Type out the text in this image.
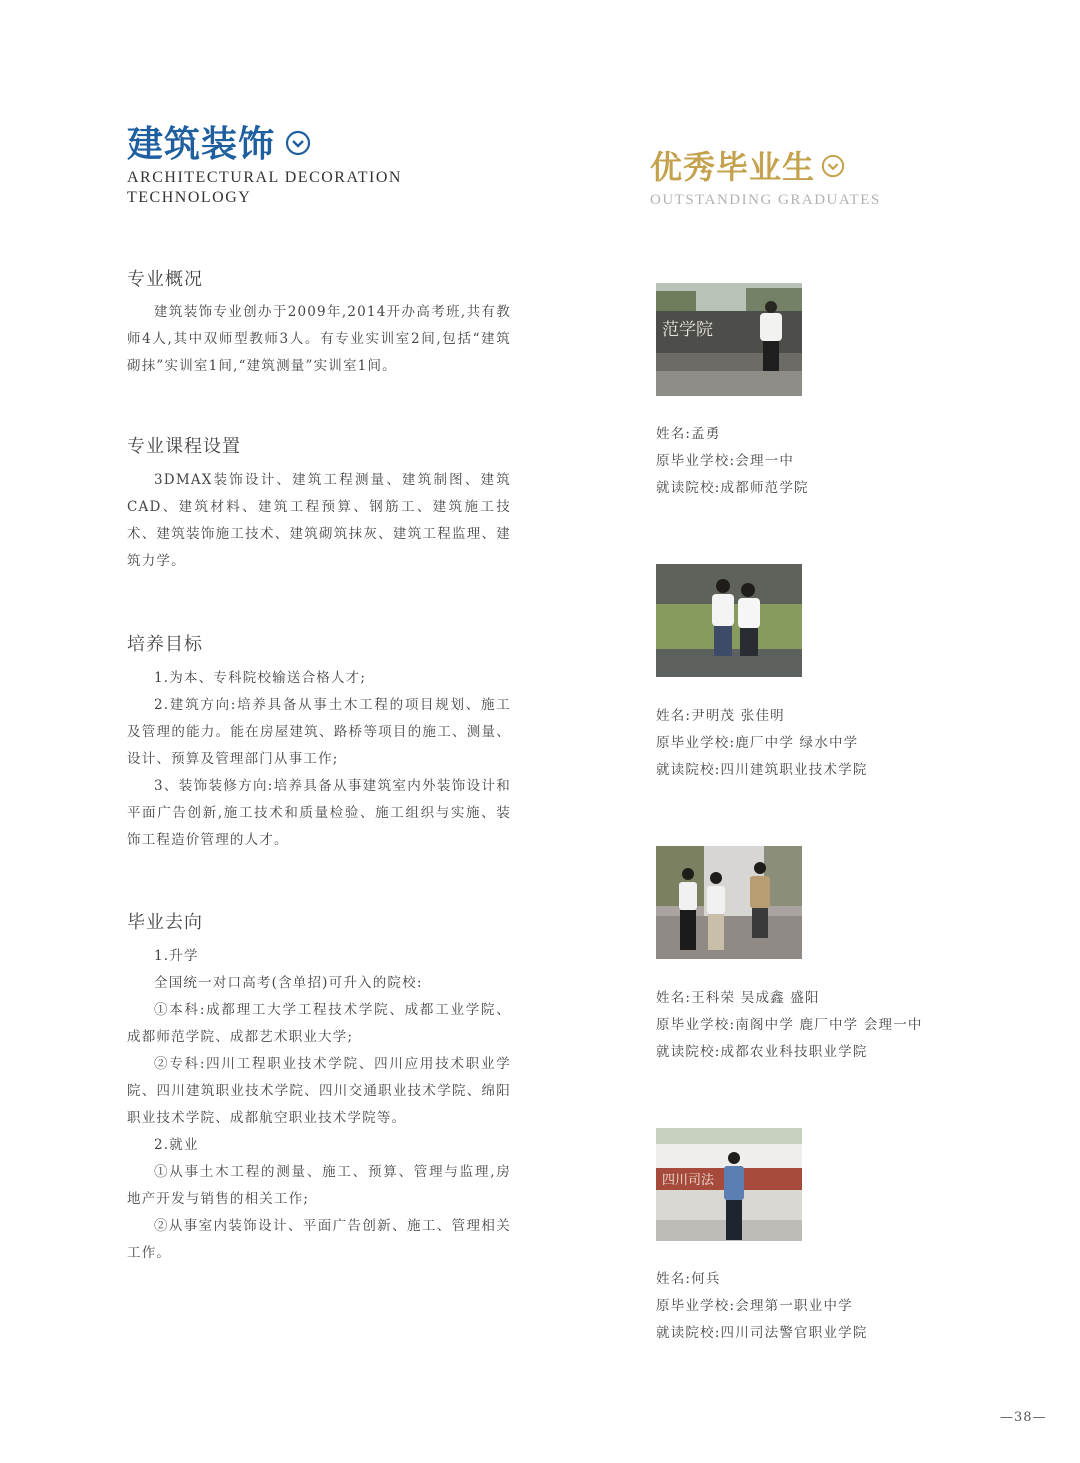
建筑装饰
ARCHITECTURAL DECORATION
TECHNOLOGY
优秀毕业生
OUTSTANDING GRADUATES
专业概况

建筑装饰专业创办于2009年,2014开办高考班,共有教师4人,其中双师型教师3人。有专业实训室2间,包括“建筑砌抹”实训室1间,“建筑测量”实训室1间。

专业课程设置

3DMAX装饰设计、建筑工程测量、建筑制图、建筑CAD、建筑材料、建筑工程预算、钢筋工、建筑施工技术、建筑装饰施工技术、建筑砌筑抹灰、建筑工程监理、建筑力学。

培养目标

1.为本、专科院校输送合格人才;

2.建筑方向:培养具备从事土木工程的项目规划、施工及管理的能力。能在房屋建筑、路桥等项目的施工、测量、设计、预算及管理部门从事工作;

3、装饰装修方向:培养具备从事建筑室内外装饰设计和平面广告创新,施工技术和质量检验、施工组织与实施、装饰工程造价管理的人才。

毕业去向

1.升学

全国统一对口高考(含单招)可升入的院校:

①本科:成都理工大学工程技术学院、成都工业学院、成都师范学院、成都艺术职业大学;

②专科:四川工程职业技术学院、四川应用技术职业学院、四川建筑职业技术学院、四川交通职业技术学院、绵阳职业技术学院、成都航空职业技术学院等。

2.就业

①从事土木工程的测量、施工、预算、管理与监理,房地产开发与销售的相关工作;

②从事室内装饰设计、平面广告创新、施工、管理相关工作。

范学院
姓名:孟勇
原毕业学校:会理一中
就读院校:成都师范学院
姓名:尹明茂 张佳明
原毕业学校:鹿厂中学 绿水中学
就读院校:四川建筑职业技术学院
姓名:王科荣 吴成鑫 盛阳
原毕业学校:南阁中学 鹿厂中学 会理一中
就读院校:成都农业科技职业学院
四川司法
姓名:何兵
原毕业学校:会理第一职业中学
就读院校:四川司法警官职业学院
—38—
